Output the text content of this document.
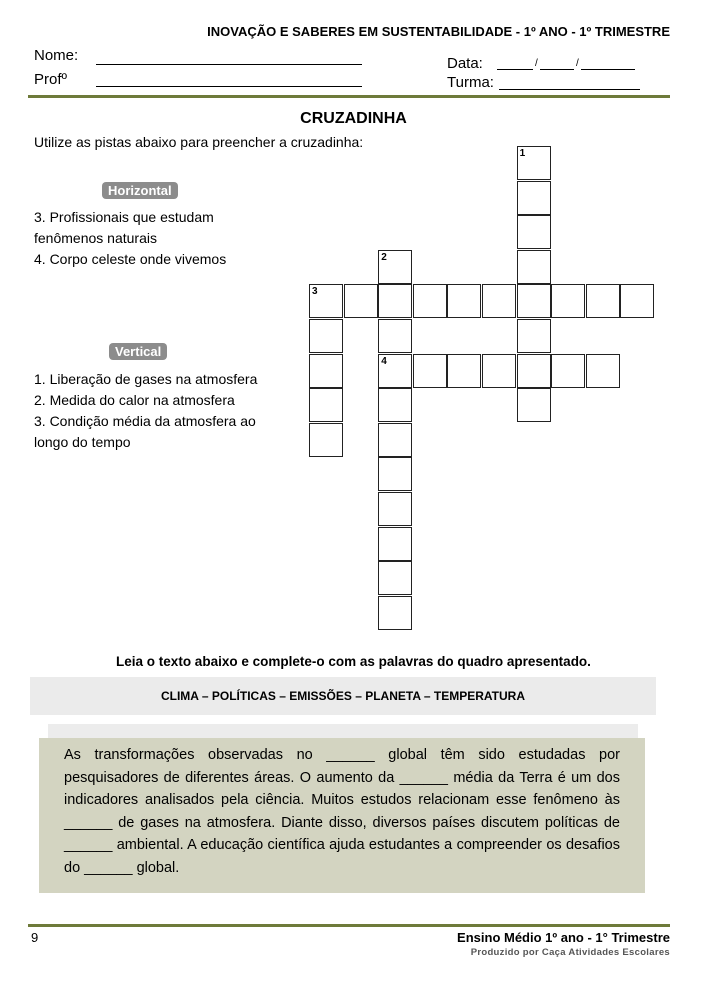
INOVAÇÃO E SABERES EM SUSTENTABILIDADE - 1º ANO - 1º TRIMESTRE
Nome:
Profº
Data:	/	/
Turma:
CRUZADINHA
Utilize as pistas abaixo para preencher a cruzadinha:
Horizontal
3. Profissionais que estudam fenômenos naturais
4. Corpo celeste onde vivemos
Vertical
1. Liberação de gases na atmosfera
2. Medida do calor na atmosfera
3. Condição média da atmosfera ao longo do tempo
1
2
4
3
Leia o texto abaixo e complete-o com as palavras do quadro apresentado.
CLIMA – POLÍTICAS – EMISSÕES – PLANETA – TEMPERATURA
As transformações observadas no ______ global têm sido estudadas por pesquisadores de diferentes áreas. O aumento da ______ média da Terra é um dos indicadores analisados pela ciência. Muitos estudos relacionam esse fenômeno às ______ de gases na atmosfera. Diante disso, diversos países discutem políticas de ______ ambiental. A educação científica ajuda estudantes a compreender os desafios do ______ global.
9	Ensino Médio 1º ano - 1° Trimestre
Produzido por Caça Atividades Escolares
